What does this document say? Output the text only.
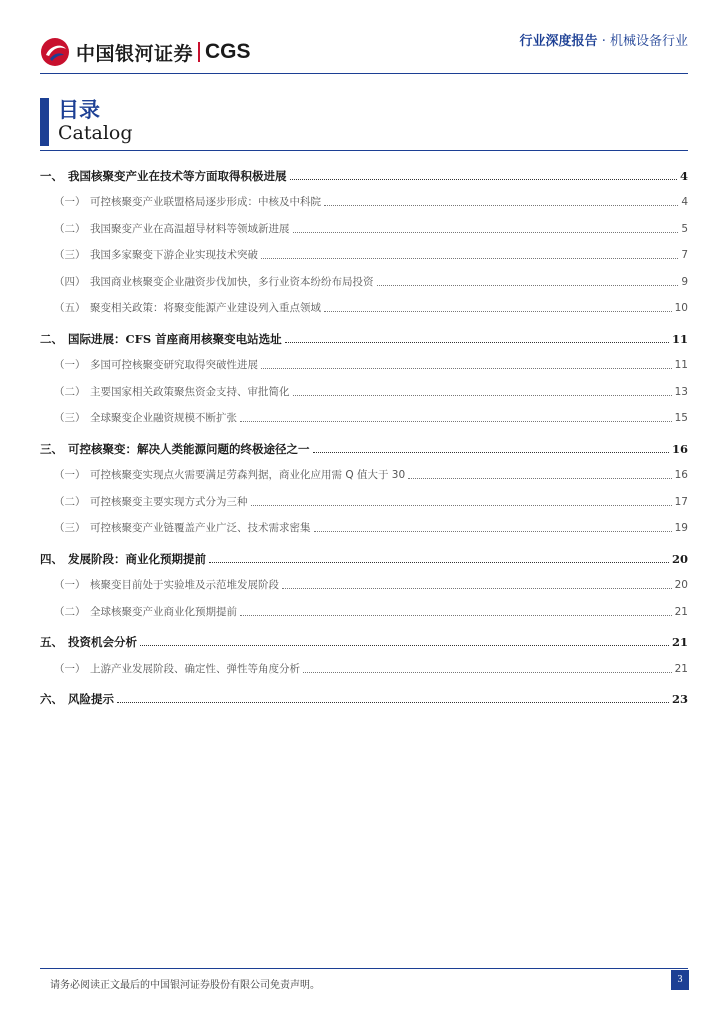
中国银河证券 CGS	行业深度报告 · 机械设备行业
目录
Catalog
一、 我国核聚变产业在技术等方面取得积极进展	4
（一） 可控核聚变产业联盟格局逐步形成：中核及中科院	4
（二） 我国聚变产业在高温超导材料等领域新进展	5
（三） 我国多家聚变下游企业实现技术突破	7
（四） 我国商业核聚变企业融资步伐加快，多行业资本纷纷布局投资	9
（五） 聚变相关政策：将聚变能源产业建设列入重点领域	10
二、 国际进展：CFS 首座商用核聚变电站选址	11
（一） 多国可控核聚变研究取得突破性进展	11
（二） 主要国家相关政策聚焦资金支持、审批简化	13
（三） 全球聚变企业融资规模不断扩张	15
三、 可控核聚变：解决人类能源问题的终极途径之一	16
（一） 可控核聚变实现点火需要满足劳森判据，商业化应用需 Q 值大于 30	16
（二） 可控核聚变主要实现方式分为三种	17
（三） 可控核聚变产业链覆盖产业广泛、技术需求密集	19
四、 发展阶段：商业化预期提前	20
（一） 核聚变目前处于实验堆及示范堆发展阶段	20
（二） 全球核聚变产业商业化预期提前	21
五、 投资机会分析	21
（一） 上游产业发展阶段、确定性、弹性等角度分析	21
六、 风险提示	23
请务必阅读正文最后的中国银河证券股份有限公司免责声明。
3
